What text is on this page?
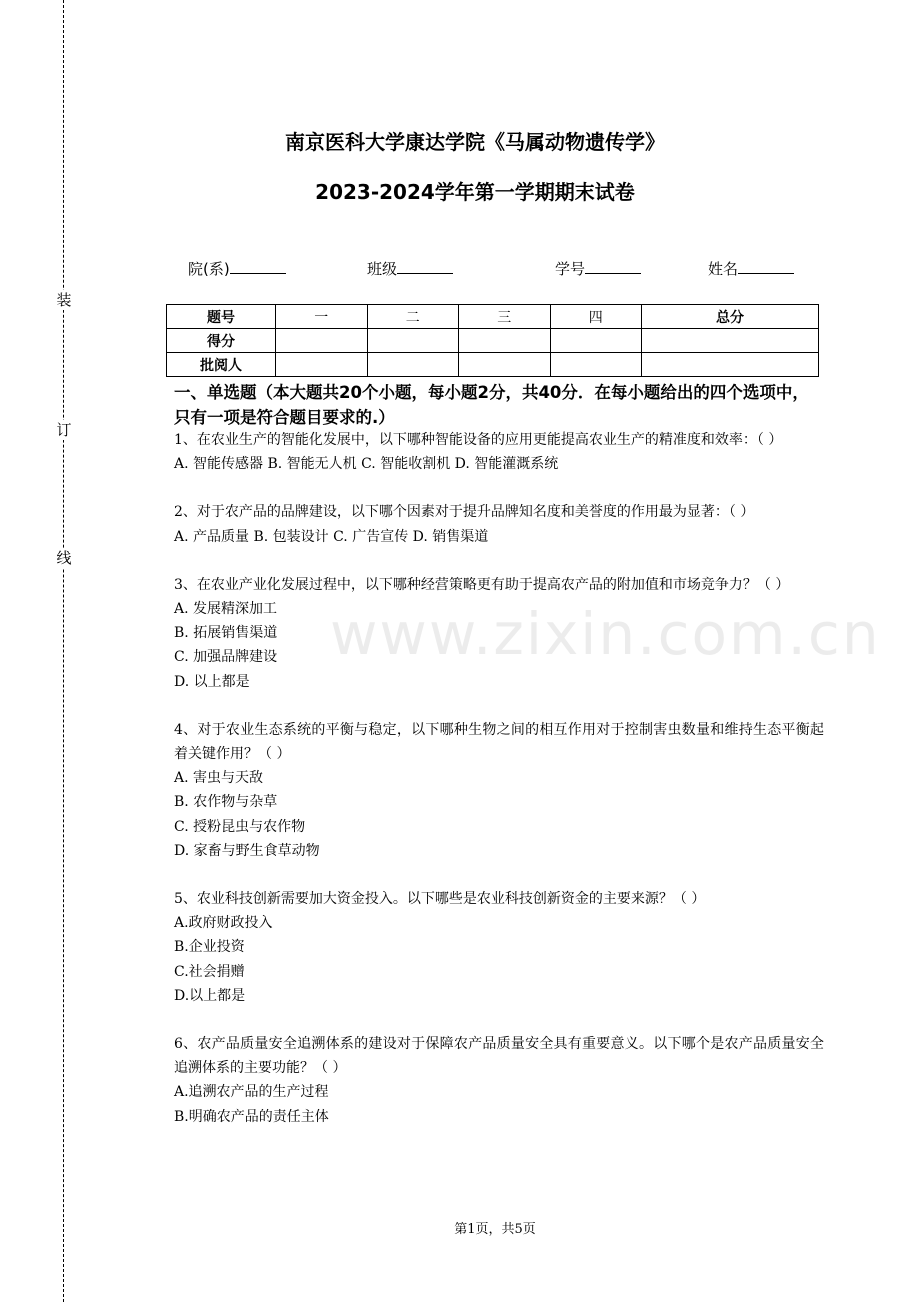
装
订
线
南京医科大学康达学院《马属动物遗传学》
2023-2024学年第一学期期末试卷
院(系)	班级	学号	姓名
题号	一	二	三	四	总分
得分					
批阅人					
一、单选题（本大题共20个小题，每小题2分，共40分．在每小题给出的四个选项中，只有一项是符合题目要求的.）
www.zixin.com.cn
1、在农业生产的智能化发展中，以下哪种智能设备的应用更能提高农业生产的精准度和效率：（ ）
A. 智能传感器 B. 智能无人机 C. 智能收割机 D. 智能灌溉系统
2、对于农产品的品牌建设，以下哪个因素对于提升品牌知名度和美誉度的作用最为显著：（ ）
A. 产品质量 B. 包装设计 C. 广告宣传 D. 销售渠道
3、在农业产业化发展过程中，以下哪种经营策略更有助于提高农产品的附加值和市场竞争力？（ ）
A. 发展精深加工
B. 拓展销售渠道
C. 加强品牌建设
D. 以上都是
4、对于农业生态系统的平衡与稳定，以下哪种生物之间的相互作用对于控制害虫数量和维持生态平衡起着关键作用？（ ）
A. 害虫与天敌
B. 农作物与杂草
C. 授粉昆虫与农作物
D. 家畜与野生食草动物
5、农业科技创新需要加大资金投入。以下哪些是农业科技创新资金的主要来源？（ ）
A.政府财政投入
B.企业投资
C.社会捐赠
D.以上都是
6、农产品质量安全追溯体系的建设对于保障农产品质量安全具有重要意义。以下哪个是农产品质量安全追溯体系的主要功能？（ ）
A.追溯农产品的生产过程
B.明确农产品的责任主体
第1页，共5页
